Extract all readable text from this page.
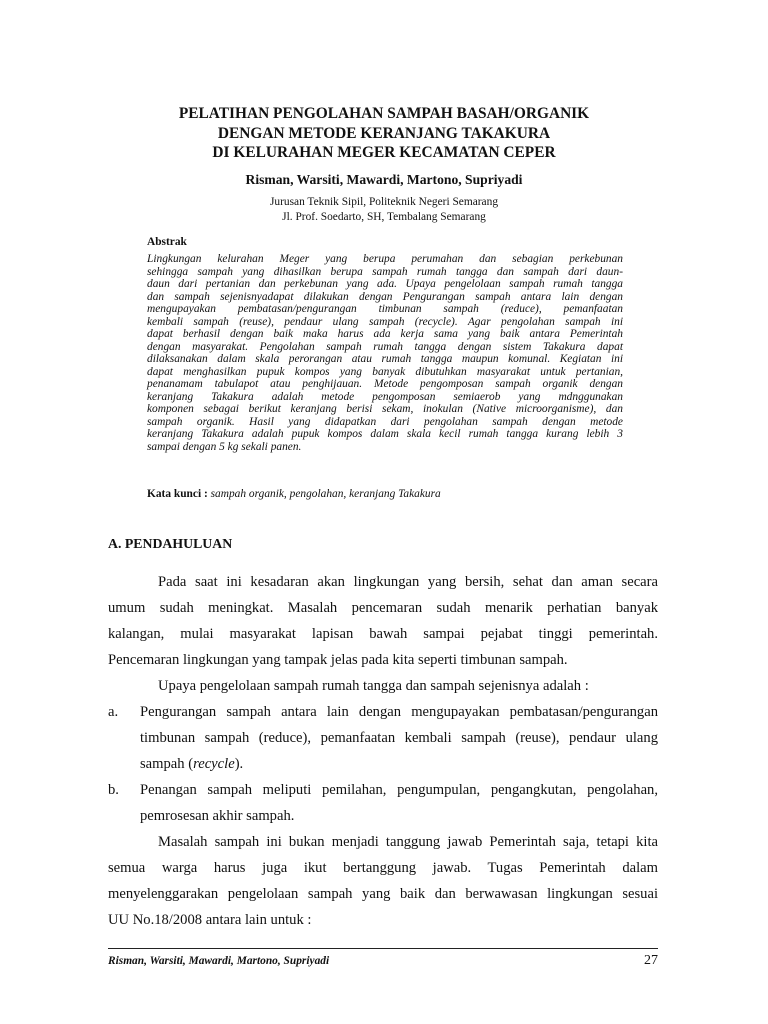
PELATIHAN PENGOLAHAN SAMPAH BASAH/ORGANIK
DENGAN METODE KERANJANG TAKAKURA
DI KELURAHAN MEGER KECAMATAN CEPER
Risman, Warsiti, Mawardi, Martono, Supriyadi
Jurusan Teknik Sipil, Politeknik Negeri Semarang
Jl. Prof. Soedarto, SH, Tembalang Semarang
Abstrak
Lingkungan kelurahan Meger yang berupa perumahan dan sebagian perkebunan
sehingga sampah yang dihasilkan berupa sampah rumah tangga dan sampah dari daun-
daun dari pertanian dan perkebunan yang ada. Upaya pengelolaan sampah rumah tangga
dan sampah sejenisnyadapat dilakukan dengan Pengurangan sampah antara lain dengan
mengupayakan pembatasan/pengurangan timbunan sampah (reduce), pemanfaatan
kembali sampah (reuse), pendaur ulang sampah (recycle). Agar pengolahan sampah ini
dapat berhasil dengan baik maka harus ada kerja sama yang baik antara Pemerintah
dengan masyarakat. Pengolahan sampah rumah tangga dengan sistem Takakura dapat
dilaksanakan dalam skala perorangan atau rumah tangga maupun komunal. Kegiatan ini
dapat menghasilkan pupuk kompos yang banyak dibutuhkan masyarakat untuk pertanian,
penanamam tabulapot atau penghijauan. Metode pengomposan sampah organik dengan
keranjang Takakura adalah metode pengomposan semiaerob yang mdnggunakan
komponen sebagai berikut keranjang berisi sekam, inokulan (Native microorganisme), dan
sampah organik. Hasil yang didapatkan dari pengolahan sampah dengan metode
keranjang Takakura adalah pupuk kompos dalam skala kecil rumah tangga kurang lebih 3
sampai dengan 5 kg sekali panen.
Kata kunci : sampah organik, pengolahan, keranjang Takakura
A. PENDAHULUAN
Pada saat ini kesadaran akan lingkungan yang bersih, sehat dan aman secara
umum sudah meningkat. Masalah pencemaran sudah menarik perhatian banyak
kalangan, mulai masyarakat lapisan bawah sampai pejabat tinggi pemerintah.
Pencemaran lingkungan yang tampak jelas pada kita seperti timbunan sampah.
Upaya pengelolaan sampah rumah tangga dan sampah sejenisnya adalah :
a. Pengurangan sampah antara lain dengan mengupayakan pembatasan/pengurangan
timbunan sampah (reduce), pemanfaatan kembali sampah (reuse), pendaur ulang
sampah (recycle).
b. Penangan sampah meliputi pemilahan, pengumpulan, pengangkutan, pengolahan,
pemrosesan akhir sampah.
Masalah sampah ini bukan menjadi tanggung jawab Pemerintah saja, tetapi kita
semua warga harus juga ikut bertanggung jawab. Tugas Pemerintah dalam
menyelenggarakan pengelolaan sampah yang baik dan berwawasan lingkungan sesuai
UU No.18/2008 antara lain untuk :
Risman, Warsiti, Mawardi, Martono, Supriyadi	27
